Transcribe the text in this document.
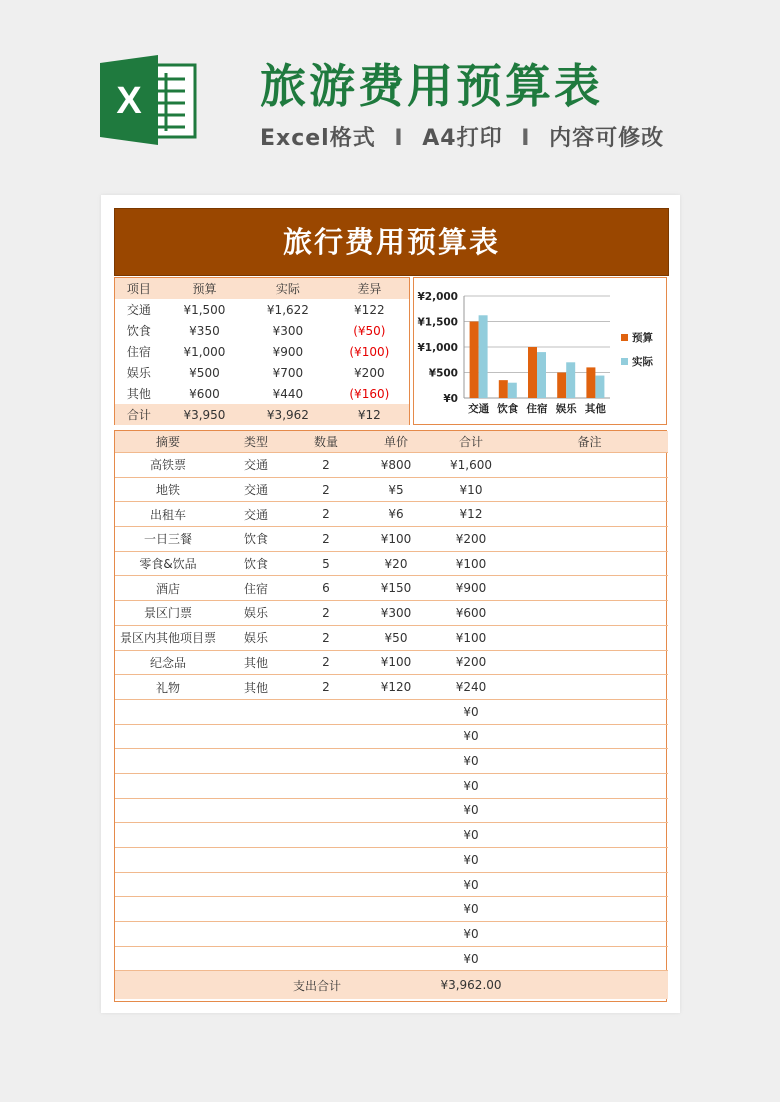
X	旅游费用预算表
Excel格式 I A4打印 I 内容可修改
旅行费用预算表
项目	预算	实际	差异
交通	¥1,500	¥1,622	¥122
饮食	¥350	¥300	(¥50)
住宿	¥1,000	¥900	(¥100)
娱乐	¥500	¥700	¥200
其他	¥600	¥440	(¥160)
合计	¥3,950	¥3,962	¥12
¥0
¥500
¥1,000
¥1,500
¥2,000
交通 饮食 住宿 娱乐 其他
预算
实际
摘要	类型	数量	单价	合计	备注
高铁票	交通	2	¥800	¥1,600	
地铁	交通	2	¥5	¥10	
出租车	交通	2	¥6	¥12	
一日三餐	饮食	2	¥100	¥200	
零食&饮品	饮食	5	¥20	¥100	
酒店	住宿	6	¥150	¥900	
景区门票	娱乐	2	¥300	¥600	
景区内其他项目票	娱乐	2	¥50	¥100	
纪念品	其他	2	¥100	¥200	
礼物	其他	2	¥120	¥240	
				¥0	
				¥0	
				¥0	
				¥0	
				¥0	
				¥0	
				¥0	
				¥0	
				¥0	
				¥0	
				¥0	
支出合计				¥3,962.00	
